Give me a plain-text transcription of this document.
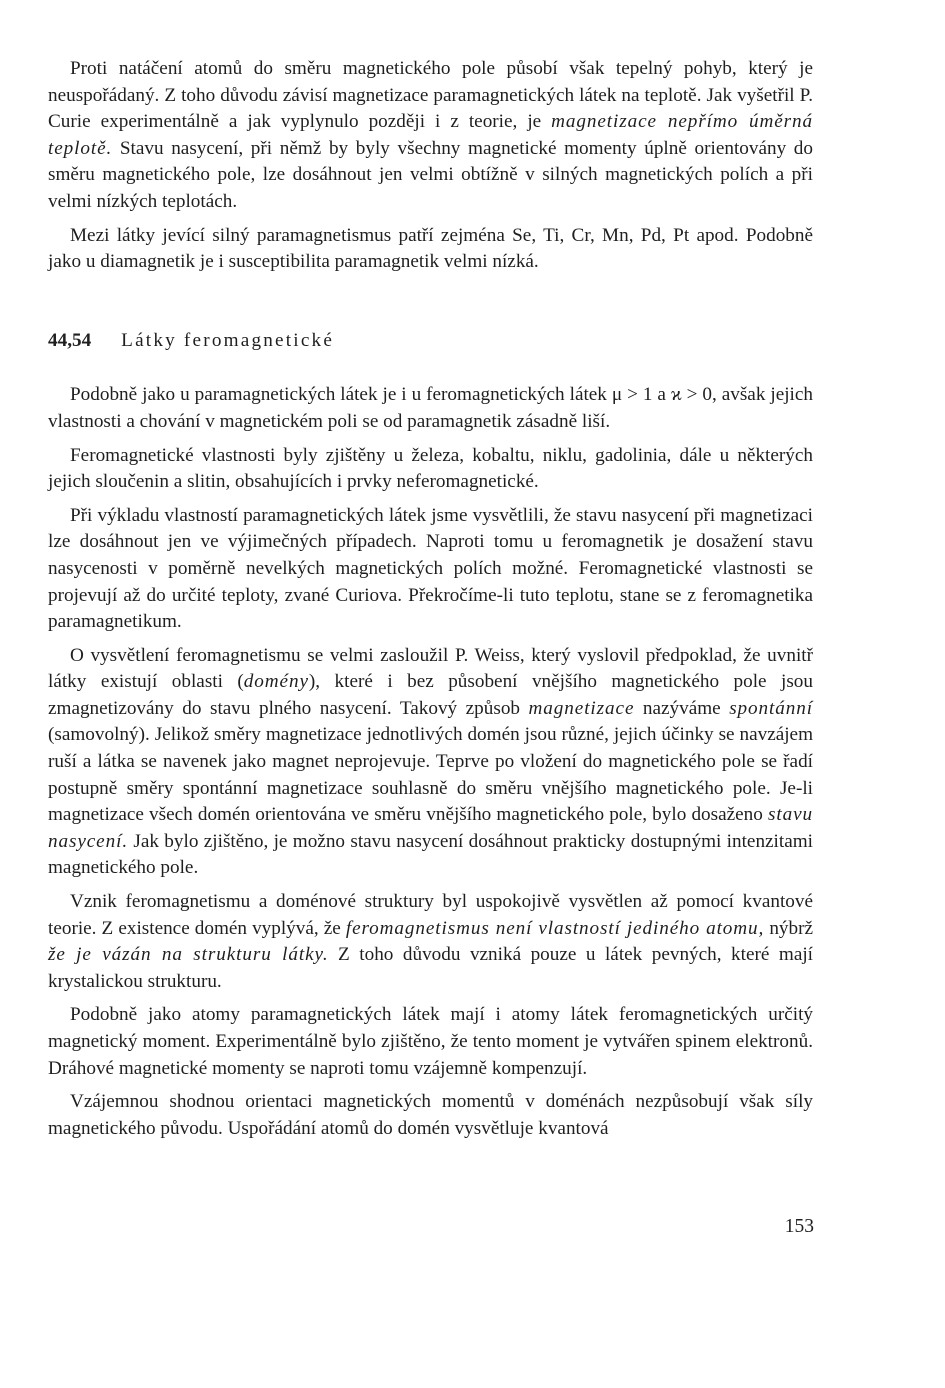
Proti natáčení atomů do směru magnetického pole působí však tepelný pohyb, který je neuspořádaný. Z toho důvodu závisí magnetizace paramagnetických látek na teplotě. Jak vyšetřil P. Curie experimentálně a jak vyplynulo později i z teorie, je magnetizace nepřímo úměrná teplotě. Stavu nasycení, při němž by byly všechny magnetické momenty úplně orientovány do směru magnetického pole, lze dosáhnout jen velmi obtížně v silných magnetických polích a při velmi nízkých teplotách.

Mezi látky jevící silný paramagnetismus patří zejména Se, Ti, Cr, Mn, Pd, Pt apod. Podobně jako u diamagnetik je i susceptibilita paramagnetik velmi nízká.

44,54 Látky feromagnetické

Podobně jako u paramagnetických látek je i u feromagnetických látek μ > 1 a ϰ > 0, avšak jejich vlastnosti a chování v magnetickém poli se od paramagnetik zásadně liší.

Feromagnetické vlastnosti byly zjištěny u železa, kobaltu, niklu, gadolinia, dále u některých jejich sloučenin a slitin, obsahujících i prvky neferomagnetické.

Při výkladu vlastností paramagnetických látek jsme vysvětlili, že stavu nasycení při magnetizaci lze dosáhnout jen ve výjimečných případech. Naproti tomu u feromagnetik je dosažení stavu nasycenosti v poměrně nevelkých magnetických polích možné. Feromagnetické vlastnosti se projevují až do určité teploty, zvané Curiova. Překročíme-li tuto teplotu, stane se z feromagnetika paramagnetikum.

O vysvětlení feromagnetismu se velmi zasloužil P. Weiss, který vyslovil předpoklad, že uvnitř látky existují oblasti (domény), které i bez působení vnějšího magnetického pole jsou zmagnetizovány do stavu plného nasycení. Takový způsob magnetizace nazýváme spontánní (samovolný). Jelikož směry magnetizace jednotlivých domén jsou různé, jejich účinky se navzájem ruší a látka se navenek jako magnet neprojevuje. Teprve po vložení do magnetického pole se řadí postupně směry spontánní magnetizace souhlasně do směru vnějšího magnetického pole. Je-li magnetizace všech domén orientována ve směru vnějšího magnetického pole, bylo dosaženo stavu nasycení. Jak bylo zjištěno, je možno stavu nasycení dosáhnout prakticky dostupnými intenzitami magnetického pole.

Vznik feromagnetismu a doménové struktury byl uspokojivě vysvětlen až pomocí kvantové teorie. Z existence domén vyplývá, že feromagnetismus není vlastností jediného atomu, nýbrž že je vázán na strukturu látky. Z toho důvodu vzniká pouze u látek pevných, které mají krystalickou strukturu.

Podobně jako atomy paramagnetických látek mají i atomy látek feromagnetických určitý magnetický moment. Experimentálně bylo zjištěno, že tento moment je vytvářen spinem elektronů. Dráhové magnetické momenty se naproti tomu vzájemně kompenzují.

Vzájemnou shodnou orientaci magnetických momentů v doménách nezpůsobují však síly magnetického původu. Uspořádání atomů do domén vysvětluje kvantová

153
